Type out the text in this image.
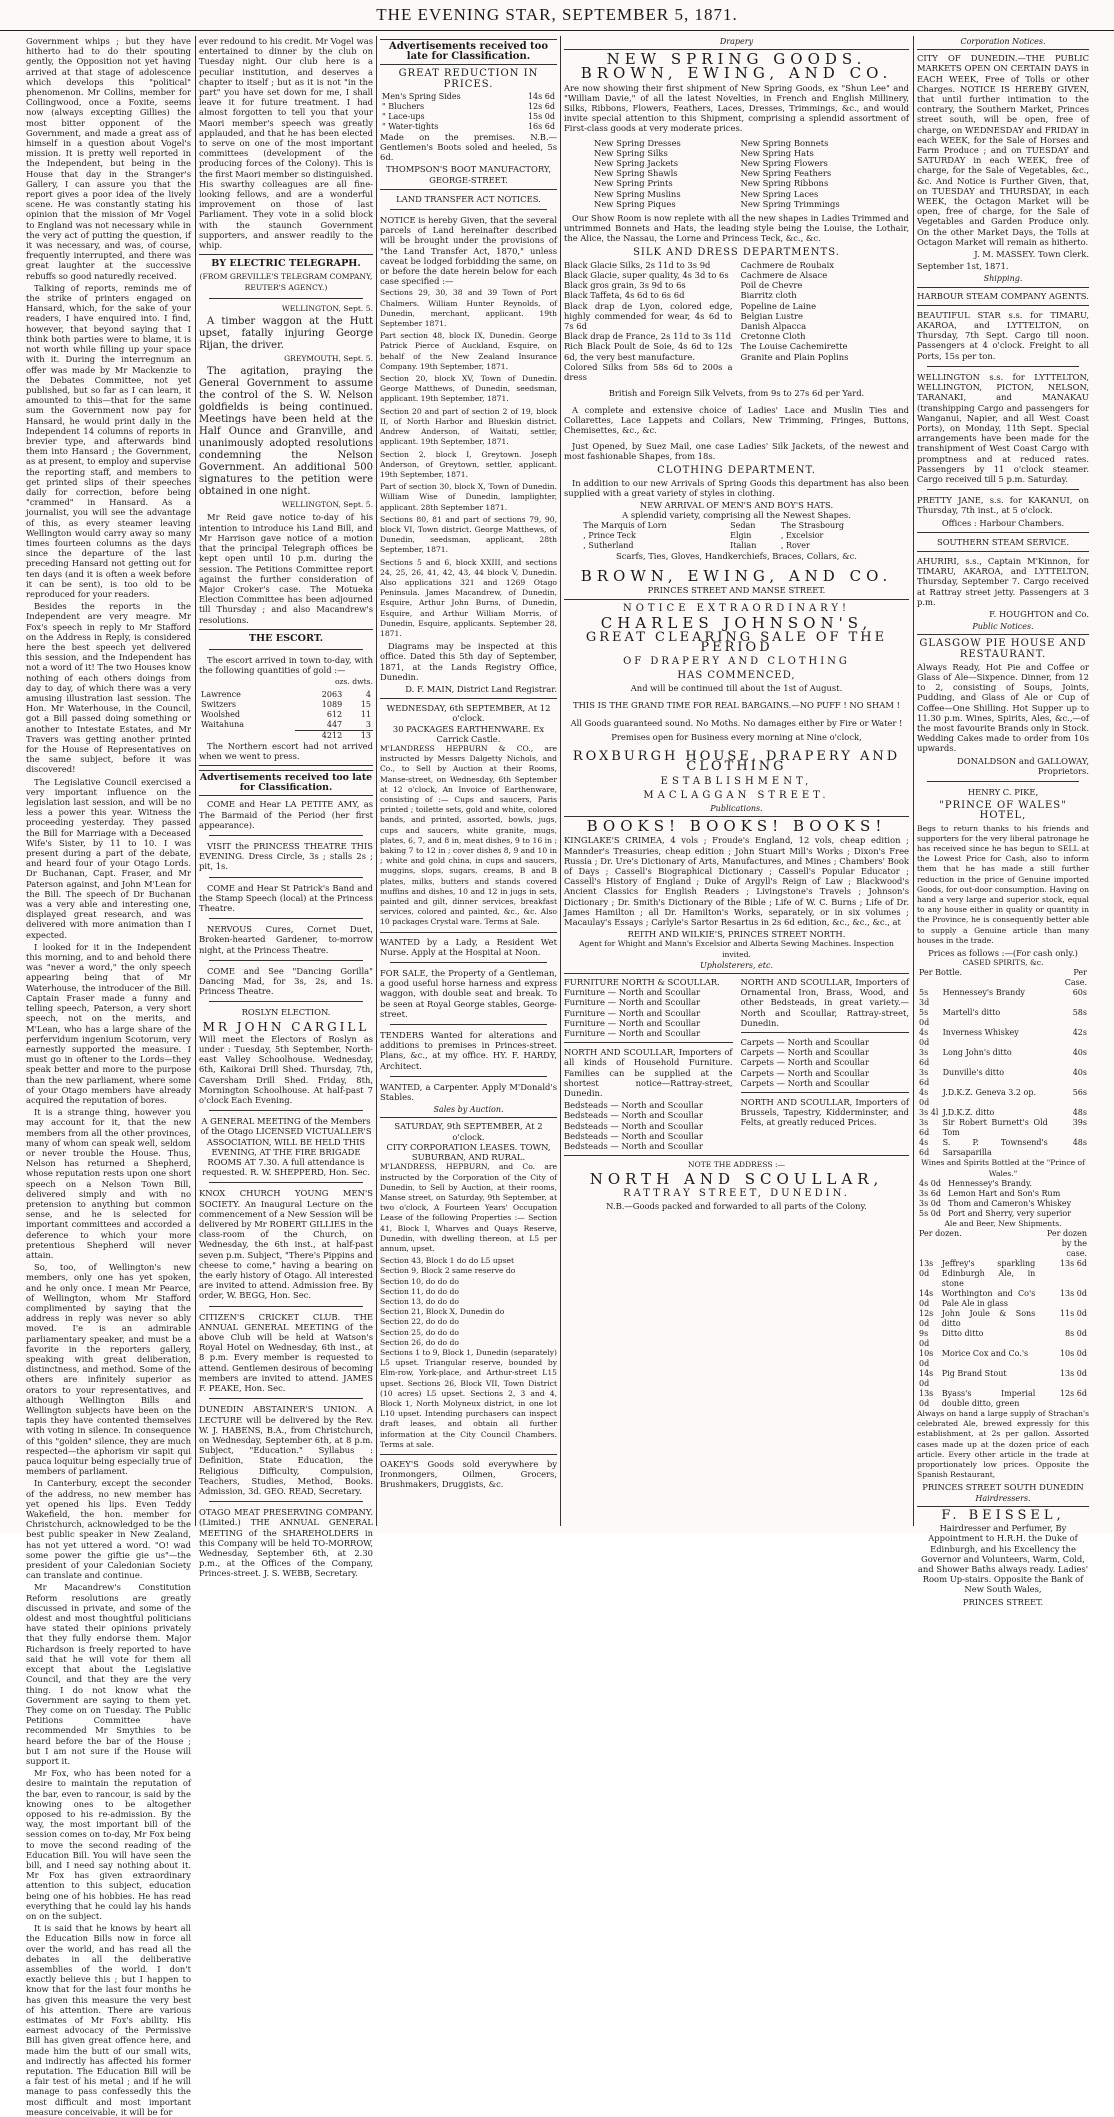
THE EVENING STAR, SEPTEMBER 5, 1871.

Government whips ; but they have hitherto had to do their spouting gently, the Opposition not yet having arrived at that stage of adolescence which develops this "political" phenomenon. Mr Collins, member for Collingwood, once a Foxite, seems now (always excepting Gillies) the most bitter opponent of the Government, and made a great ass of himself in a question about Vogel's mission. It is pretty well reported in the Independent, but being in the House that day in the Stranger's Gallery, I can assure you that the report gives a poor idea of the lively scene. He was constantly stating his opinion that the mission of Mr Vogel to England was not necessary while in the very act of putting the question, if it was necessary, and was, of course, frequently interrupted, and there was great laughter at the successive rebuffs so good naturedly received.

Talking of reports, reminds me of the strike of printers engaged on Hansard, which, for the sake of your readers, I have enquired into. I find, however, that beyond saying that I think both parties were to blame, it is not worth while filling up your space with it. During the interregnum an offer was made by Mr Mackenzie to the Debates Committee, not yet published, but so far as I can learn, it amounted to this—that for the same sum the Government now pay for Hansard, he would print daily in the Independent 14 columns of reports in brevier type, and afterwards bind them into Hansard ; the Government, as at present, to employ and supervise the reporting staff, and members to get printed slips of their speeches daily for correction, before being "crammed" in Hansard. As a journalist, you will see the advantage of this, as every steamer leaving Wellington would carry away so many times fourteen columns as the days since the departure of the last preceding Hansard not getting out for ten days (and it is often a week before it can be sent), is too old to be reproduced for your readers.

Besides the reports in the Independent are very meagre. Mr Fox's speech in reply to Mr Stafford on the Address in Reply, is considered here the best speech yet delivered this session, and the Independent has not a word of it! The two Houses know nothing of each others doings from day to day, of which there was a very amusing illustration last session. The Hon. Mr Waterhouse, in the Council, got a Bill passed doing something or another to Intestate Estates, and Mr Travers was getting another printed for the House of Representatives on the same subject, before it was discovered!

The Legislative Council exercised a very important influence on the legislation last session, and will be no less a power this year. Witness the proceeding yesterday. They passed the Bill for Marriage with a Deceased Wife's Sister, by 11 to 10. I was present during a part of the debate, and heard four of your Otago Lords. Dr Buchanan, Capt. Fraser, and Mr Paterson against, and John M'Lean for the Bill. The speech of Dr Buchanan was a very able and interesting one, displayed great research, and was delivered with more animation than I expected.

I looked for it in the Independent this morning, and to and behold there was "never a word," the only speech appearing being that of Mr Waterhouse, the introducer of the Bill. Captain Fraser made a funny and telling speech, Paterson, a very short speech, not on the merits, and M'Lean, who has a large share of the perfervidum ingenium Scotorum, very earnestly supported the measure. I must go in oftener to the Lords—they speak better and more to the purpose than the new parliament, where some of your Otago members have already acquired the reputation of bores.

It is a strange thing, however you may account for it, that the new members from all the other provinces, many of whom can speak well, seldom or never trouble the House. Thus, Nelson has returned a Shepherd, whose reputation rests upon one short speech on a Nelson Town Bill, delivered simply and with no pretension to anything but common sense, and he is selected for important committees and accorded a deference to which your more pretentious Shepherd will never attain.

So, too, of Wellington's new members, only one has yet spoken, and he only once. I mean Mr Pearce, of Wellington, whom Mr Stafford complimented by saying that the address in reply was never so ably moved. I'e is an admirable parliamentary speaker, and must be a favorite in the reporters gallery, speaking with great deliberation, distinctness, and method. Some of the others are infinitely superior as orators to your representatives, and although Wellington Bills and Wellington subjects have been on the tapis they have contented themselves with voting in silence. In consequence of this "golden" silence, they are much respected—the aphorism vir sapit qui pauca loquitur being especially true of members of parliament.

In Canterbury, except the seconder of the address, no new member has yet opened his lips. Even Teddy Wakefield, the hon. member for Christchurch, acknowledged to be the best public speaker in New Zealand, has not yet uttered a word. "O! wad some power the giftie gie us"—the president of your Caledonian Society can translate and continue.

Mr Macandrew's Constitution Reform resolutions are greatly discussed in private, and some of the oldest and most thoughtful politicians have stated their opinions privately that they fully endorse them. Major Richardson is freely reported to have said that he will vote for them all except that about the Legislative Council, and that they are the very thing. I do not know what the Government are saying to them yet. They come on on Tuesday. The Public Petitions Committee have recommended Mr Smythies to be heard before the bar of the House ; but I am not sure if the House will support it.

Mr Fox, who has been noted for a desire to maintain the reputation of the bar, even to rancour, is said by the knowing ones to be altogether opposed to his re-admission. By the way, the most important bill of the session comes on to-day, Mr Fox being to move the second reading of the Education Bill. You will have seen the bill, and I need say nothing about it. Mr Fox has given extraordinary attention to this subject, education being one of his hobbies. He has read everything that he could lay his hands on on the subject.

It is said that he knows by heart all the Education Bills now in force all over the world, and has read all the debates in all the deliberative assemblies of the world. I don't exactly believe this ; but I happen to know that for the last four months he has given this measure the very best of his attention. There are various estimates of Mr Fox's ability. His earnest advocacy of the Permissive Bill has given great offence here, and made him the butt of our small wits, and indirectly has affected his former reputation. The Education Bill will be a fair test of his metal ; and if he will manage to pass confessedly this the most difficult and most important measure conceivable, it will be for

ever redound to his credit. Mr Vogel was entertained to dinner by the club on Tuesday night. Our club here is a peculiar institution, and deserves a chapter to itself ; but as it is not "in the part" you have set down for me, I shall leave it for future treatment. I had almost forgotten to tell you that your Maori member's speech was greatly applauded, and that he has been elected to serve on one of the most important committees (development of the producing forces of the Colony). This is the first Maori member so distinguished. His swarthy colleagues are all fine-looking fellows, and are a wonderful improvement on those of last Parliament. They vote in a solid block with the staunch Government supporters, and answer readily to the whip.

BY ELECTRIC TELEGRAPH.
(FROM GREVILLE'S TELEGRAM COMPANY, REUTER'S AGENCY.)

WELLINGTON, Sept. 5.

A timber waggon at the Hutt upset, fatally injuring George Rijan, the driver.

GREYMOUTH, Sept. 5.

The agitation, praying the General Government to assume the control of the S. W. Nelson goldfields is being continued. Meetings have been held at the Half Ounce and Granville, and unanimously adopted resolutions condemning the Nelson Government. An additional 500 signatures to the petition were obtained in one night.

WELLINGTON, Sept. 5.

Mr Reid gave notice to-day of his intention to introduce his Land Bill, and Mr Harrison gave notice of a motion that the principal Telegraph offices be kept open until 10 p.m. during the session. The Petitions Committee report against the further consideration of Major Croker's case. The Motueka Election Committee has been adjourned till Thursday ; and also Macandrew's resolutions.

THE ESCORT.

The escort arrived in town to-day, with the following quantities of gold :—

ozs. dwts.

Lawrence	2063	4
Switzers	1089	15
Woolshed	612	11
Waitahuna	447	3
	4212	13

The Northern escort had not arrived when we went to press.

Advertisements received too late for Classification.

COME and Hear LA PETITE AMY, as The Barmaid of the Period (her first appearance).

VISIT the PRINCESS THEATRE THIS EVENING. Dress Circle, 3s ; stalls 2s ; pit, 1s.

COME and Hear St Patrick's Band and the Stamp Speech (local) at the Princess Theatre.

NERVOUS Cures, Cornet Duet, Broken-hearted Gardener, to-morrow night, at the Princess Theatre.

COME and See "Dancing Gorilla" Dancing Mad, for 3s, 2s, and 1s. Princess Theatre.

ROSLYN ELECTION.
MR JOHN CARGILL

Will meet the Electors of Roslyn as under : Tuesday, 5th September, North-east Valley Schoolhouse. Wednesday, 6th, Kaikorai Drill Shed. Thursday, 7th, Caversham Drill Shed. Friday, 8th, Mornington Schoolhouse. At half-past 7 o'clock Each Evening.

A GENERAL MEETING of the Members of the Otago LICENSED VICTUALLER'S ASSOCIATION, WILL BE HELD THIS EVENING, AT THE FIRE BRIGADE ROOMS AT 7.30. A full attendance is requested. R. W. SHEPPERD, Hon. Sec.

KNOX CHURCH YOUNG MEN'S SOCIETY. An Inaugural Lecture on the commencement of a New Session will be delivered by Mr ROBERT GILLIES in the class-room of the Church, on Wednesday, the 6th inst., at half-past seven p.m. Subject, "There's Pippins and cheese to come," having a bearing on the early history of Otago. All interested are invited to attend. Admission free. By order, W. BEGG, Hon. Sec.

CITIZEN'S CRICKET CLUB. THE ANNUAL GENERAL MEETING of the above Club will be held at Watson's Royal Hotel on Wednesday, 6th inst., at 8 p.m. Every member is requested to attend. Gentlemen desirous of becoming members are invited to attend. JAMES F. PEAKE, Hon. Sec.

DUNEDIN ABSTAINER'S UNION. A LECTURE will be delivered by the Rev. W. J. HABENS, B.A., from Christchurch, on Wednesday, September 6th, at 8 p.m. Subject, "Education." Syllabus : Definition, State Education, the Religious Difficulty, Compulsion, Teachers, Studies, Method, Books. Admission, 3d. GEO. READ, Secretary.

OTAGO MEAT PRESERVING COMPANY. (Limited.) THE ANNUAL GENERAL MEETING of the SHAREHOLDERS in this Company will be held TO-MORROW, Wednesday, September 6th, at 2.30 p.m., at the Offices of the Company, Princes-street. J. S. WEBB, Secretary.

Advertisements received too late for Classification.
GREAT REDUCTION IN PRICES.
Men's Spring Sides	14s 6d
" Bluchers	12s 6d
" Lace-ups	15s 0d
" Water-tights	16s 6d

Made on the premises. N.B.— Gentlemen's Boots soled and heeled, 5s 6d.

THOMPSON'S BOOT MANUFACTORY, GEORGE-STREET.

LAND TRANSFER ACT NOTICES.

NOTICE is hereby Given, that the several parcels of Land hereinafter described will be brought under the provisions of "the Land Transfer Act, 1870," unless caveat be lodged forbidding the same, on or before the date herein below for each case specified :—

Sections 29, 30, 38 and 39 Town of Port Chalmers. William Hunter Reynolds, of Dunedin, merchant, applicant. 19th September 1871.

Part section 48, block IX, Dunedin. George Patrick Pierce of Auckland, Esquire, on behalf of the New Zealand Insurance Company. 19th September, 1871.

Section 20, block XV, Town of Dunedin. George Matthews, of Dunedin, seedsman, applicant. 19th September, 1871.

Section 20 and part of section 2 of 19, block II, of North Harbor and Blueskin district. Andrew Anderson, of Waitati, settler, applicant. 19th September, 1871.

Section 2, block I, Greytown. Joseph Anderson, of Greytown, settler, applicant. 19th September, 1871.

Part of section 30, block X, Town of Dunedin. William Wise of Dunedin, lamplighter, applicant. 28th September 1871.

Sections 80, 81 and part of sections 79, 90, block VI, Town district. George Matthews, of Dunedin, seedsman, applicant, 28th September, 1871.

Sections 5 and 6, block XXIII, and sections 24, 25, 26, 41, 42, 43, 44 block V, Dunedin. Also applications 321 and 1269 Otago Peninsula. James Macandrew, of Dunedin, Esquire, Arthur John Burns, of Dunedin, Esquire, and Arthur William Morris, of Dunedin, Esquire, applicants. September 28, 1871.

Diagrams may be inspected at this office. Dated this 5th day of September, 1871, at the Lands Registry Office, Dunedin.

D. F. MAIN, District Land Registrar.

WEDNESDAY, 6th SEPTEMBER, At 12 o'clock.
30 PACKAGES EARTHENWARE. Ex Carrick Castle.

M'LANDRESS HEPBURN & CO., are instructed by Messrs Dalgetty Nichols, and Co., to Sell by Auction at their Rooms, Manse-street, on Wednesday, 6th September at 12 o'clock, An Invoice of Earthenware, consisting of :— Cups and saucers, Paris printed ; toilette sets, gold and white, colored bands, and printed, assorted, bowls, jugs, cups and saucers, white granite, mugs, plates, 6, 7, and 8 in, meat dishes, 9 to 16 in ; baking 7 to 12 in ; cover dishes 8, 9 and 10 in ; white and gold china, in cups and saucers, muggins, slops, sugars, creams, B and B plates, milks, butters and stands covered muffins and dishes, 10 and 12 in jugs in sets, painted and gilt, dinner services, breakfast services, colored and painted, &c., &c. Also 10 packages Crystal ware. Terms at Sale.

WANTED by a Lady, a Resident Wet Nurse. Apply at the Hospital at Noon.

FOR SALE, the Property of a Gentleman, a good useful horse harness and express waggon, with double seat and break. To be seen at Royal George stables, George-street.

TENDERS Wanted for alterations and additions to premises in Princes-street. Plans, &c., at my office. HY. F. HARDY, Architect.

WANTED, a Carpenter. Apply M'Donald's Stables.

Sales by Auction.
SATURDAY, 9th SEPTEMBER, At 2 o'clock.
CITY CORPORATION LEASES. TOWN, SUBURBAN, AND RURAL.

M'LANDRESS, HEPBURN, and Co. are instructed by the Corporation of the City of Dunedin, to Sell by Auction, at their rooms, Manse street, on Saturday, 9th September, at two o'clock, A Fourteen Years' Occupation Lease of the following Properties :— Section 41, Block I, Wharves and Quays Reserve, Dunedin, with dwelling thereon, at L5 per annum, upset.

Section 43, Block 1 do do L5 upset
Section 9, Block 2 same reserve do
Section 10, do do do
Section 11, do do do
Section 13, do do do
Section 21, Block X, Dunedin do
Section 22, do do do
Section 25, do do do
Section 26, do do do

Sections 1 to 9, Block 1, Dunedin (separately) L5 upset. Triangular reserve, bounded by Elm-row, York-place, and Arthur-street L15 upset. Sections 26, Block VII, Town District (10 acres) L5 upset. Sections 2, 3 and 4, Block 1, North Molyneux district, in one lot L10 upset. Intending purchasers can inspect draft leases, and obtain all further information at the City Council Chambers. Terms at sale.

OAKEY'S Goods sold everywhere by Ironmongers, Oilmen, Grocers, Brushmakers, Druggists, &c.

Drapery
NEW SPRING GOODS.
BROWN, EWING, AND CO.

Are now showing their first shipment of New Spring Goods, ex "Shun Lee" and "William Davie," of all the latest Novelties, in French and English Millinery, Silks, Ribbons, Flowers, Feathers, Laces, Dresses, Trimmings, &c., and would invite special attention to this Shipment, comprising a splendid assortment of First-class goods at very moderate prices.

New Spring Dresses
New Spring Silks
New Spring Jackets
New Spring Shawls
New Spring Prints
New Spring Muslins
New Spring Piques
New Spring Bonnets
New Spring Hats
New Spring Flowers
New Spring Feathers
New Spring Ribbons
New Spring Laces
New Spring Trimmings

Our Show Room is now replete with all the new shapes in Ladies Trimmed and untrimmed Bonnets and Hats, the leading style being the Louise, the Lothair, the Alice, the Nassau, the Lorne and Princess Teck, &c., &c.

SILK AND DRESS DEPARTMENTS.
Black Glacie Silks, 2s 11d to 3s 9d
Black Glacie, super quality, 4s 3d to 6s
Black gros grain, 3s 9d to 6s
Black Taffeta, 4s 6d to 6s 6d
Black drap de Lyon, colored edge, highly commended for wear, 4s 6d to 7s 6d
Black drap de France, 2s 11d to 3s 11d
Rich Black Poult de Soie, 4s 6d to 12s 6d, the very best manufacture.
Colored Silks from 58s 6d to 200s a dress
Cachmere de Roubaix
Cachmere de Alsace
Poil de Chevre
Biarritz cloth
Popeline de Laine
Belgian Lustre
Danish Alpacca
Cretonne Cloth
The Louise Cachemirette
Granite and Plain Poplins

British and Foreign Silk Velvets, from 9s to 27s 6d per Yard.

A complete and extensive choice of Ladies' Lace and Muslin Ties and Collarettes, Lace Lappets and Collars, New Trimming, Fringes, Buttons, Chemisettes, &c., &c.

Just Opened, by Suez Mail, one case Ladies' Silk Jackets, of the newest and most fashionable Shapes, from 18s.

CLOTHING DEPARTMENT.

In addition to our new Arrivals of Spring Goods this department has also been supplied with a great variety of styles in clothing.

NEW ARRIVAL OF MEN'S AND BOY'S HATS.
A splendid variety, comprising all the Newest Shapes.
The Marquis of Lorn	Sedan	The Strasbourg
, Prince Teck	Elgin	, Excelsior
, Sutherland	Italian	, Rover
Scarfs, Ties, Gloves, Handkerchiefs, Braces, Collars, &c.
BROWN, EWING, AND CO.
PRINCES STREET AND MANSE STREET.
NOTICE EXTRAORDINARY!
CHARLES JOHNSON'S,
GREAT CLEARING SALE OF THE PERIOD
OF DRAPERY AND CLOTHING
HAS COMMENCED,
And will be continued till about the 1st of August.
THIS IS THE GRAND TIME FOR REAL BARGAINS.—NO PUFF ! NO SHAM !
All Goods guaranteed sound. No Moths. No damages either by Fire or Water !
Premises open for Business every morning at Nine o'clock,
ROXBURGH HOUSE, DRAPERY AND CLOTHING
ESTABLISHMENT,
MACLAGGAN STREET.
Publications.
BOOKS! BOOKS! BOOKS!

KINGLAKE'S CRIMEA, 4 vols ; Froude's England, 12 vols, cheap edition ; Mannder's Treasuries, cheap edition ; John Stuart Mill's Works ; Dixon's Free Russia ; Dr. Ure's Dictionary of Arts, Manufactures, and Mines ; Chambers' Book of Days ; Cassell's Biographical Dictionary ; Cassell's Popular Educator ; Cassell's History of England ; Duke of Argyll's Reign of Law ; Blackwood's Ancient Classics for English Readers ; Livingstone's Travels ; Johnson's Dictionary ; Dr. Smith's Dictionary of the Bible ; Life of W. C. Burns ; Life of Dr. James Hamilton ; all Dr. Hamilton's Works, separately, or in six volumes ; Macaulay's Essays ; Carlyle's Sartor Resartus in 2s 6d edition, &c., &c., &c., at

REITH AND WILKIE'S, PRINCES STREET NORTH.
Agent for Whight and Mann's Excelsior and Alberta Sewing Machines. Inspection invited.
Upholsterers, etc.
FURNITURE NORTH & SCOULLAR.
Furniture — North and Scoullar
Furniture — North and Scoullar
Furniture — North and Scoullar
Furniture — North and Scoullar
Furniture — North and Scoullar

NORTH AND SCOULLAR, Importers of all kinds of Household Furniture. Families can be supplied at the shortest notice—Rattray-street, Dunedin.

Bedsteads — North and Scoullar
Bedsteads — North and Scoullar
Bedsteads — North and Scoullar
Bedsteads — North and Scoullar
Bedsteads — North and Scoullar

NORTH AND SCOULLAR, Importers of Ornamental Iron, Brass, Wood, and other Bedsteads, in great variety.—North and Scoullar, Rattray-street, Dunedin.

Carpets — North and Scoullar
Carpets — North and Scoullar
Carpets — North and Scoullar
Carpets — North and Scoullar
Carpets — North and Scoullar

NORTH AND SCOULLAR, Importers of Brussels, Tapestry, Kidderminster, and Felts, at greatly reduced Prices.

NOTE THE ADDRESS :—
NORTH AND SCOULLAR,
RATTRAY STREET, DUNEDIN.
N.B.—Goods packed and forwarded to all parts of the Colony.
Corporation Notices.

CITY OF DUNEDIN.—THE PUBLIC MARKETS OPEN ON CERTAIN DAYS in EACH WEEK, Free of Tolls or other Charges. NOTICE IS HEREBY GIVEN, that until further intimation to the contrary, the Southern Market, Princes street south, will be open, free of charge, on WEDNESDAY and FRIDAY in each WEEK, for the Sale of Horses and Farm Produce ; and on TUESDAY and SATURDAY in each WEEK, free of charge, for the Sale of Vegetables, &c., &c. And Notice is Further Given, that, on TUESDAY and THURSDAY, in each WEEK, the Octagon Market will be open, free of charge, for the Sale of Vegetables and Garden Produce only. On the other Market Days, the Tolls at Octagon Market will remain as hitherto.

J. M. MASSEY. Town Clerk.

September 1st, 1871.

Shipping.
HARBOUR STEAM COMPANY AGENTS.

BEAUTIFUL STAR s.s. for TIMARU, AKAROA, and LYTTELTON, on Thursday, 7th Sept. Cargo till noon. Passengers at 4 o'clock. Freight to all Ports, 15s per ton.

WELLINGTON s.s. for LYTTELTON, WELLINGTON, PICTON, NELSON, TARANAKI, and MANAKAU (transhipping Cargo and passengers for Wanganui, Napier, and all West Coast Ports), on Monday, 11th Sept. Special arrangements have been made for the transhipment of West Coast Cargo with promptness and at reduced rates. Passengers by 11 o'clock steamer. Cargo received till 5 p.m. Saturday.

PRETTY JANE, s.s. for KAKANUI, on Thursday, 7th inst., at 5 o'clock.

Offices : Harbour Chambers.

SOUTHERN STEAM SERVICE.

AHURIRI, s.s., Captain M'Kinnon, for TIMARU, AKAROA, and LYTTELTON, Thursday, September 7. Cargo received at Rattray street jetty. Passengers at 3 p.m.

F. HOUGHTON and Co.

Public Notices.
GLASGOW PIE HOUSE AND RESTAURANT.

Always Ready, Hot Pie and Coffee or Glass of Ale—Sixpence. Dinner, from 12 to 2, consisting of Soups, Joints, Pudding, and Glass of Ale or Cup of Coffee—One Shilling. Hot Supper up to 11.30 p.m. Wines, Spirits, Ales, &c.,—of the most favourite Brands only in Stock. Wedding Cakes made to order from 10s upwards.

DONALDSON and GALLOWAY, Proprietors.

HENRY C. PIKE,
"PRINCE OF WALES" HOTEL,

Begs to return thanks to his friends and supporters for the very liberal patronage he has received since he has begun to SELL at the Lowest Price for Cash, also to inform them that he has made a still further reduction in the price of Genuine imported Goods, for out-door consumption. Having on hand a very large and superior stock, equal to any house either in quality or quantity in the Province, he is consequently better able to supply a Genuine article than many houses in the trade.

Prices as follows :—(For cash only.)
CASED SPIRITS, &c.
Per Bottle.		Per Case.
5s 3d	Hennessey's Brandy	60s
5s 0d	Martell's ditto	58s
4s 0d	Inverness Whiskey	42s
3s 6d	Long John's ditto	40s
3s 6d	Dunville's ditto	40s
4s 0d	J.D.K.Z. Geneva 3.2 op.	56s
3s 4l	J.D.K.Z. ditto	48s
3s 6d	Sir Robert Burnett's Old Tom	39s
4s 6d	S. P. Townsend's Sarsaparilla	48s
Wines and Spirits Bottled at the "Prince of Wales."
4s 0d	Hennessey's Brandy.
3s 6d	Lemon Hart and Son's Rum
3s 0d	Thom and Cameron's Whiskey
5s 0d	Port and Sherry, very superior
Ale and Beer, New Shipments.
Per dozen.		Per dozen by the case.
13s 0d	Jeffrey's sparkling Edinburgh Ale, in stone	13s 6d
14s 0d	Worthington and Co's Pale Ale in glass	13s 0d
12s 0d	John Joule & Sons ditto	11s 0d
9s 0d	Ditto ditto	8s 0d
10s 0d	Morice Cox and Co.'s	10s 0d
14s 0d	Pig Brand Stout	13s 0d
13s 0d	Byass's Imperial double ditto, green	12s 6d

Always on hand a large supply of Strachan's celebrated Ale, brewed expressly for this establishment, at 2s per gallon. Assorted cases made up at the dozen price of each article. Every other article in the trade at proportionately low prices. Opposite the Spanish Restaurant,

PRINCES STREET SOUTH DUNEDIN
Hairdressers.
F. BEISSEL,

Hairdresser and Perfumer, By Appointment to H.R.H. the Duke of Edinburgh, and his Excellency the Governor and Volunteers, Warm, Cold, and Shower Baths always ready. Ladies' Room Up-stairs. Opposite the Bank of New South Wales,

PRINCES STREET.
